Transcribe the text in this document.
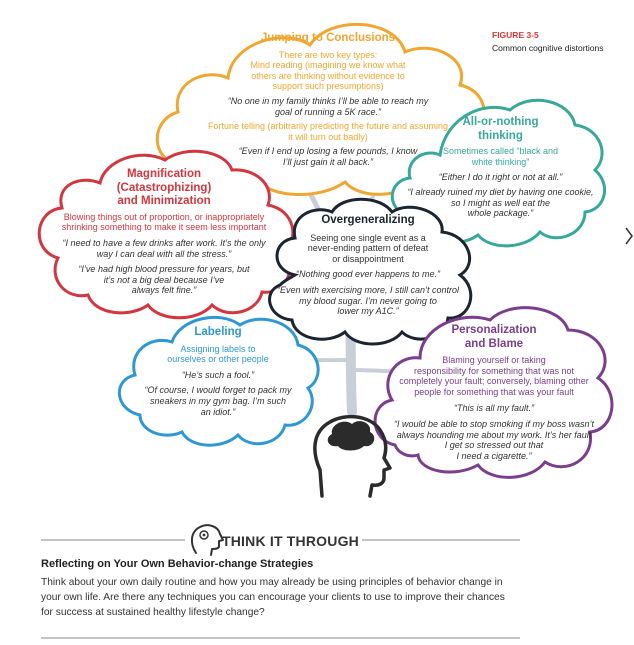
Jumping to Conclusions
There are two key types:
Mind reading (imagining we know what
others are thinking without evidence to
support such presumptions)
“No one in my family thinks I’ll be able to reach my
goal of running a 5K race.”
Fortune telling (arbitrarily predicting the future and assuming
it will turn out badly)
“Even if I end up losing a few pounds, I know
I’ll just gain it all back.”
All-or-nothing
thinking
Sometimes called “black and
white thinking”
“Either I do it right or not at all.”
“I already ruined my diet by having one cookie,
so I might as well eat the
whole package.”
Magnification
(Catastrophizing)
and Minimization
Blowing things out of proportion, or inappropriately
shrinking something to make it seem less important
“I need to have a few drinks after work. It’s the only
way I can deal with all the stress.”
“I’ve had high blood pressure for years, but
it’s not a big deal because I’ve
always felt fine.”
Overgeneralizing
Seeing one single event as a
never-ending pattern of defeat
or disappointment
“Nothing good ever happens to me.”
“Even with exercising more, I still can’t control
my blood sugar. I’m never going to
lower my A1C.”
Labeling
Assigning labels to
ourselves or other people
“He’s such a fool.”
“Of course, I would forget to pack my
sneakers in my gym bag. I’m such
an idiot.”
Personalization
and Blame
Blaming yourself or taking
responsibility for something that was not
completely your fault; conversely, blaming other
people for something that was your fault
“This is all my fault.”
“I would be able to stop smoking if my boss wasn’t
always hounding me about my work. It’s her fault
I get so stressed out that
I need a cigarette.”
FIGURE 3-5
Common cognitive distortions
THINK IT THROUGH
Reflecting on Your Own Behavior-change Strategies
Think about your own daily routine and how you may already be using principles of behavior change in your own life. Are there any techniques you can encourage your clients to use to improve their chances for success at sustained healthy lifestyle change?
